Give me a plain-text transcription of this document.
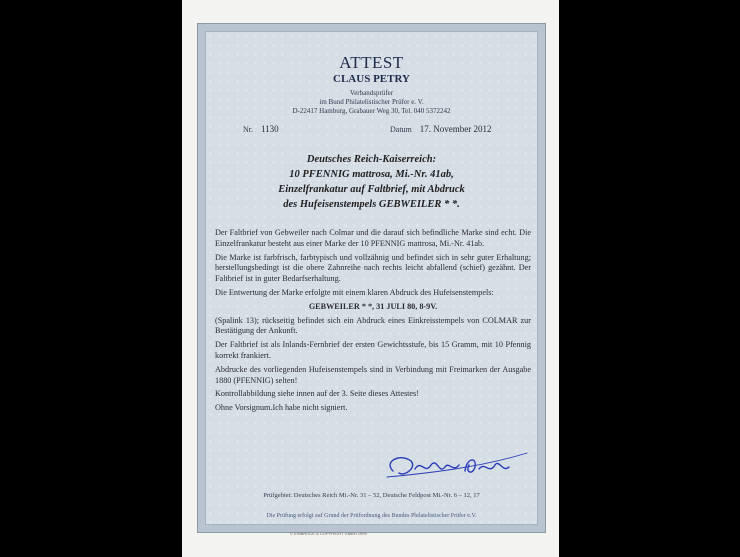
ATTEST
CLAUS PETRY
Verbandsprüfer
im Bund Philatelistischer Prüfer e. V.
D-22417 Hamburg, Grabauer Weg 30, Tel. 040 5372242
Nr. 1130	Datum 17. November 2012
Deutsches Reich-Kaiserreich:
10 PFENNIG mattrosa, Mi.-Nr. 41ab,
Einzelfrankatur auf Faltbrief, mit Abdruck
des Hufeisenstempels GEBWEILER * *.

Der Faltbrief von Gebweiler nach Colmar und die darauf sich befindliche Marke sind echt. Die Einzelfrankatur besteht aus einer Marke der 10 PFENNIG mattrosa, Mi.-Nr. 41ab.

Die Marke ist farbfrisch, farbtypisch und vollzähnig und befindet sich in sehr guter Erhaltung; herstellungsbedingt ist die obere Zahnreihe nach rechts leicht abfallend (schief) gezähnt. Der Faltbrief ist in guter Bedarfserhaltung.

Die Entwertung der Marke erfolgte mit einem klaren Abdruck des Hufeisenstempels:

GEBWEILER * *, 31 JULI 80, 8-9V.

(Spalink 13); rückseitig befindet sich ein Abdruck eines Einkreisstempels von COLMAR zur Bestätigung der Ankunft.

Der Faltbrief ist als Inlands-Fernbrief der ersten Gewichtsstufe, bis 15 Gramm, mit 10 Pfennig korrekt frankiert.

Abdrucke des vorliegenden Hufeisenstempels sind in Verbindung mit Freimarken der Ausgabe 1880 (PFENNIG) selten!

Kontrollabbildung siehe innen auf der 3. Seite dieses Attestes!

Ohne Vorsignum.Ich habe nicht signiert.

Prüfgebiet: Deutsches Reich Mi.-Nr. 31 – 52, Deutsche Feldpost Mi.-Nr. 6 – 12, 17
Die Prüfung erfolgt auf Grund der Prüfordnung des Bundes Philatelistischer Prüfer e.V.
© EINBROCK & COPYRIGHT GMBH 1999
